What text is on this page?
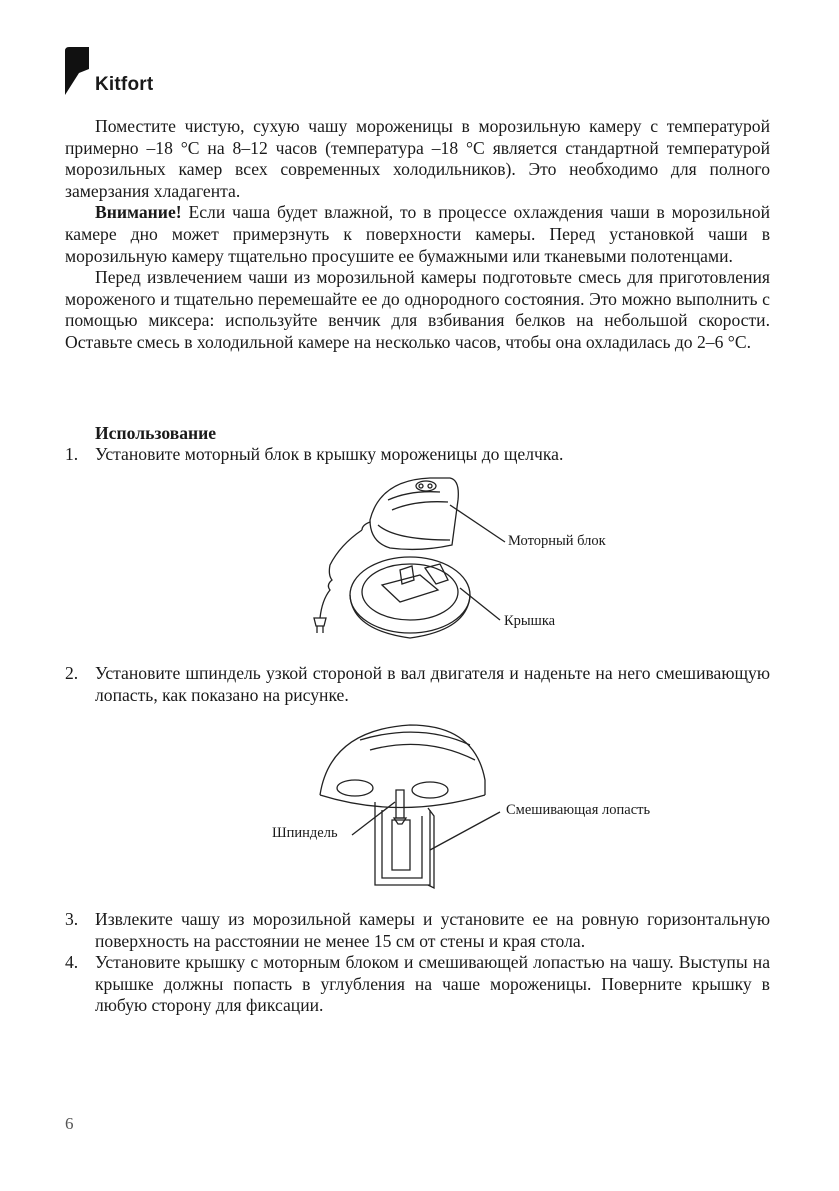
Kitfort

Поместите чистую, сухую чашу мороженицы в морозильную камеру с температурой примерно –18 °C на 8–12 часов (температура –18 °C является стандартной температурой морозильных камер всех современных холодильников). Это необходимо для полного замерзания хладагента.

Внимание! Если чаша будет влажной, то в процессе охлаждения чаши в морозильной камере дно может примерзнуть к поверхности камеры. Перед установкой чаши в морозильную камеру тщательно просушите ее бумажными или тканевыми полотенцами.

Перед извлечением чаши из морозильной камеры подготовьте смесь для приготовления мороженого и тщательно перемешайте ее до однородного состояния. Это можно выполнить с помощью миксера: используйте венчик для взбивания белков на небольшой скорости. Оставьте смесь в холодильной камере на несколько часов, чтобы она охладилась до 2–6 °C.

Использование
1. Установите моторный блок в крышку мороженицы до щелчка.
Моторный блок
Крышка
2. Установите шпиндель узкой стороной в вал двигателя и наденьте на него смешивающую лопасть, как показано на рисунке.
Шпиндель
Смешивающая лопасть
3. Извлеките чашу из морозильной камеры и установите ее на ровную горизонтальную поверхность на расстоянии не менее 15 см от стены и края стола.
4. Установите крышку с моторным блоком и смешивающей лопастью на чашу. Выступы на крышке должны попасть в углубления на чаше мороженицы. Поверните крышку в любую сторону для фиксации.
6
